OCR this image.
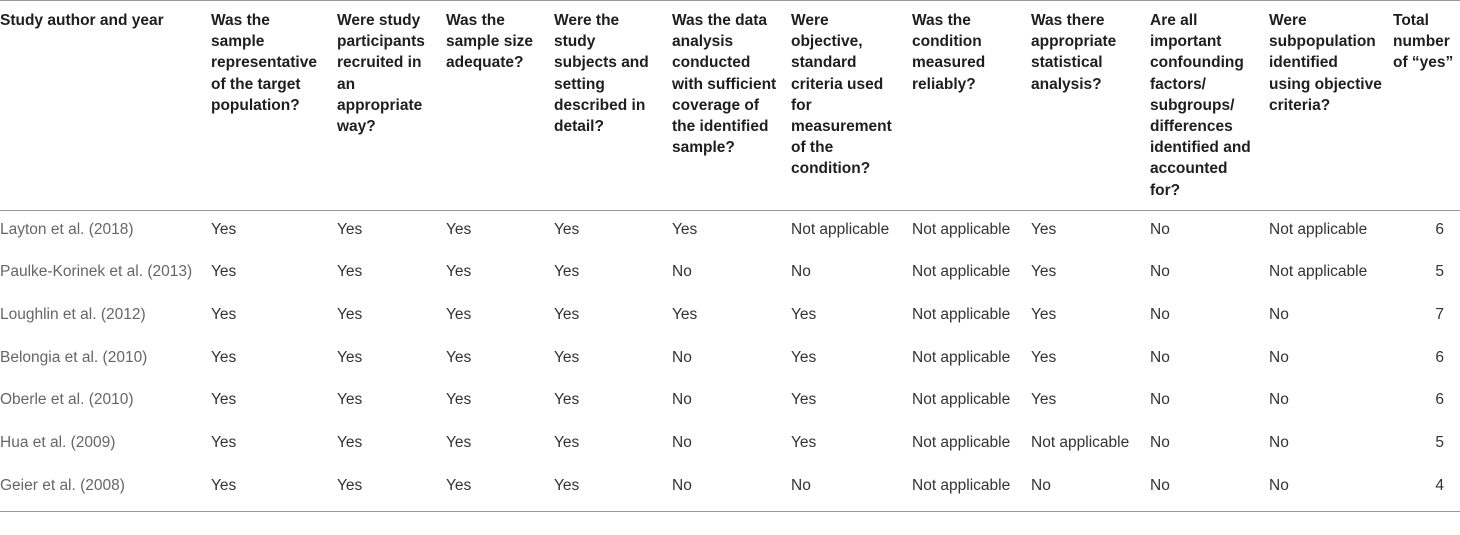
Study author and year	Was the sample representative of the target population?	Were study participants recruited in an appropriate way?	Was the sample size adequate?	Were the study subjects and setting described in detail?	Was the data analysis conducted with sufficient coverage of the identified sample?	Were objective, standard criteria used for measurement of the condition?	Was the condition measured reliably?	Was there appropriate statistical analysis?	Are all important confounding factors/ subgroups/ differences identified and accounted for?	Were subpopulation identified using objective criteria?	Total number of “yes”
Layton et al. (2018)	Yes	Yes	Yes	Yes	Yes	Not applicable	Not applicable	Yes	No	Not applicable	6
Paulke-Korinek et al. (2013)	Yes	Yes	Yes	Yes	No	No	Not applicable	Yes	No	Not applicable	5
Loughlin et al. (2012)	Yes	Yes	Yes	Yes	Yes	Yes	Not applicable	Yes	No	No	7
Belongia et al. (2010)	Yes	Yes	Yes	Yes	No	Yes	Not applicable	Yes	No	No	6
Oberle et al. (2010)	Yes	Yes	Yes	Yes	No	Yes	Not applicable	Yes	No	No	6
Hua et al. (2009)	Yes	Yes	Yes	Yes	No	Yes	Not applicable	Not applicable	No	No	5
Geier et al. (2008)	Yes	Yes	Yes	Yes	No	No	Not applicable	No	No	No	4
